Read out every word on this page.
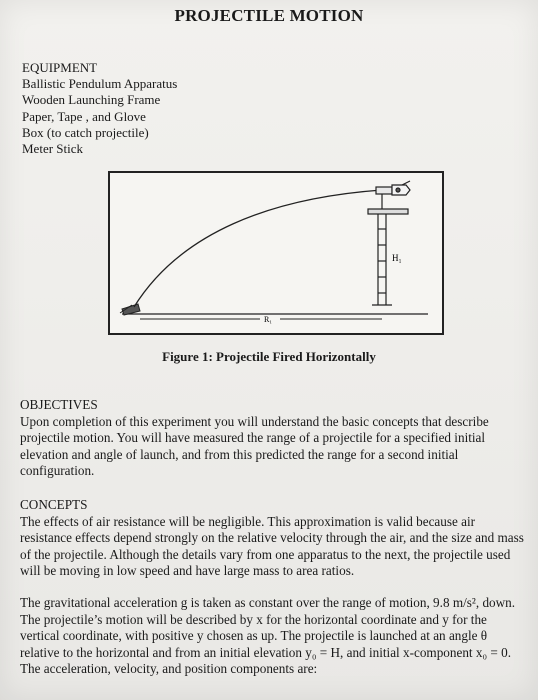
PROJECTILE MOTION
EQUIPMENT
Ballistic Pendulum Apparatus
Wooden Launching Frame
Paper, Tape , and Glove
Box (to catch projectile)
Meter Stick
H₁
R₁
Figure 1: Projectile Fired Horizontally
OBJECTIVES

Upon completion of this experiment you will understand the basic concepts that describe projectile motion. You will have measured the range of a projectile for a specified initial elevation and angle of launch, and from this predicted the range for a second initial configuration.

CONCEPTS

The effects of air resistance will be negligible. This approximation is valid because air resistance effects depend strongly on the relative velocity through the air, and the size and mass of the projectile. Although the details vary from one apparatus to the next, the projectile used will be moving in low speed and have large mass to area ratios.

The gravitational acceleration g is taken as constant over the range of motion, 9.8 m/s², down. The projectile’s motion will be described by x for the horizontal coordinate and y for the vertical coordinate, with positive y chosen as up. The projectile is launched at an angle θ relative to the horizontal and from an initial elevation y₀ = H, and initial x-component x₀ = 0. The acceleration, velocity, and position components are:
